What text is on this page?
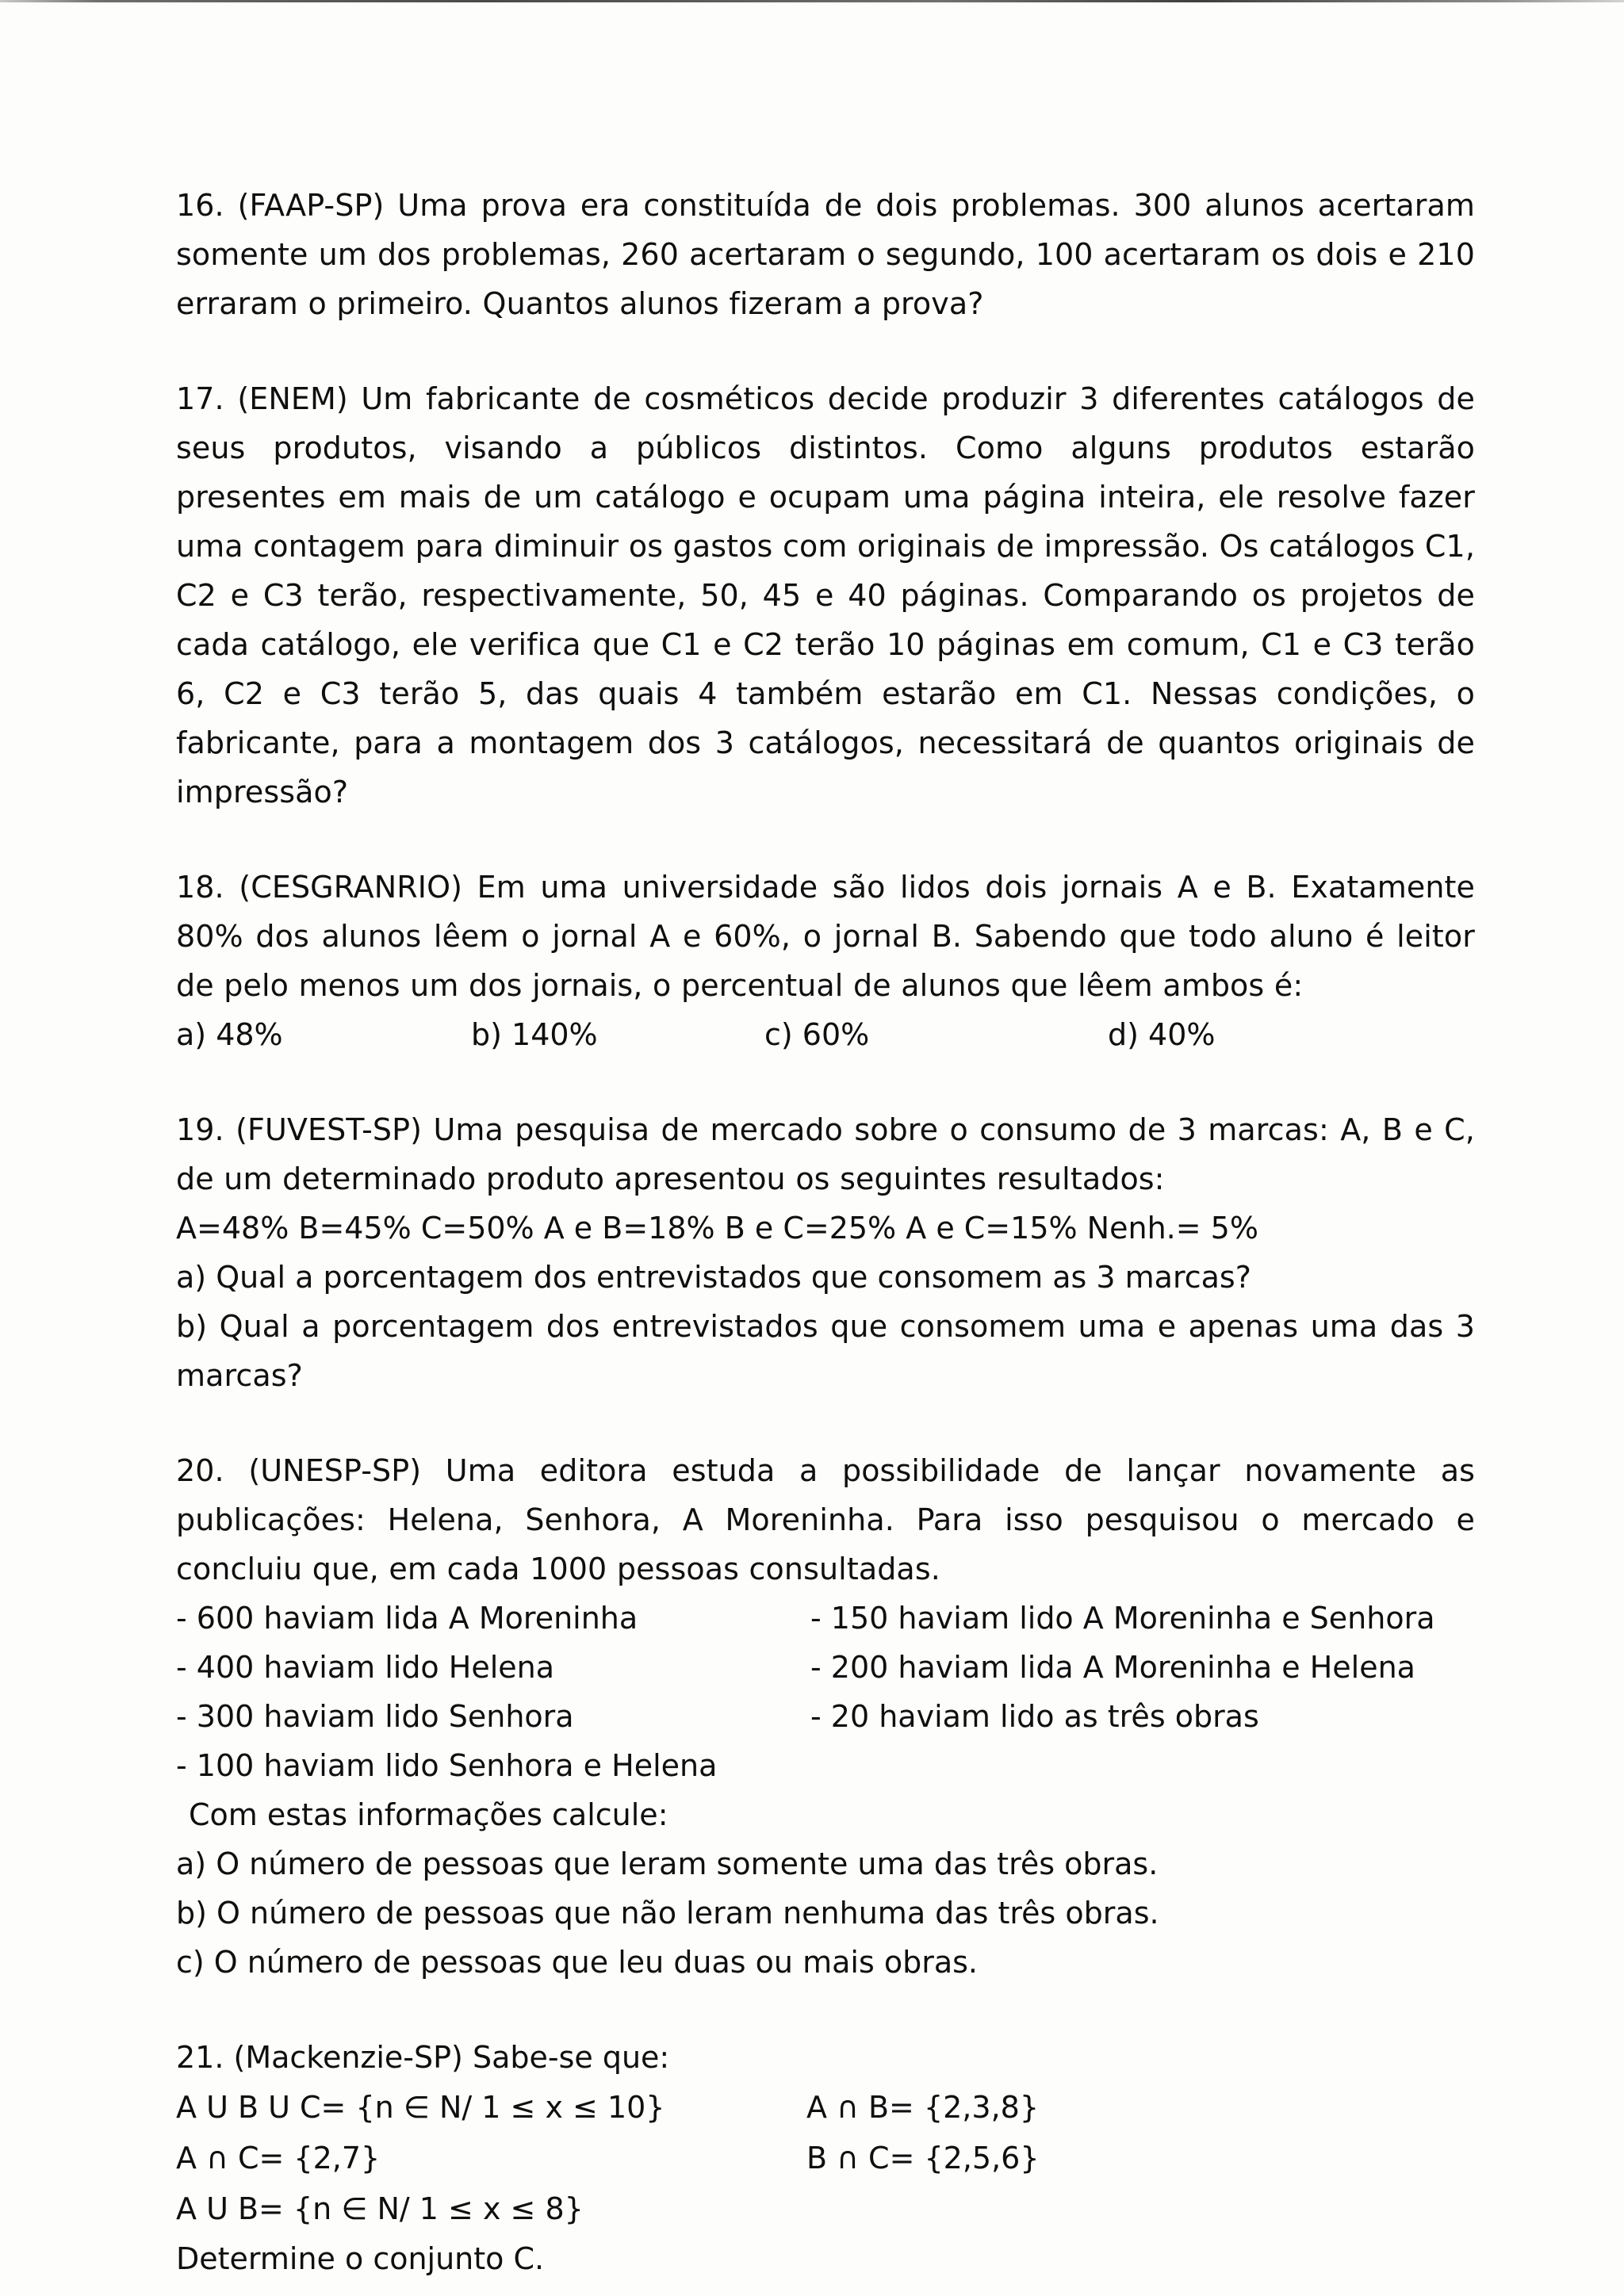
16. (FAAP-SP) Uma prova era constituída de dois problemas. 300 alunos acertaram somente um dos problemas, 260 acertaram o segundo, 100 acertaram os dois e 210 erraram o primeiro. Quantos alunos fizeram a prova?
17. (ENEM) Um fabricante de cosméticos decide produzir 3 diferentes catálogos de seus produtos, visando a públicos distintos. Como alguns produtos estarão presentes em mais de um catálogo e ocupam uma página inteira, ele resolve fazer uma contagem para diminuir os gastos com originais de impressão. Os catálogos C1, C2 e C3 terão, respectivamente, 50, 45 e 40 páginas. Comparando os projetos de cada catálogo, ele verifica que C1 e C2 terão 10 páginas em comum, C1 e C3 terão 6, C2 e C3 terão 5, das quais 4 também estarão em C1. Nessas condições, o fabricante, para a montagem dos 3 catálogos, necessitará de quantos originais de impressão?
18. (CESGRANRIO) Em uma universidade são lidos dois jornais A e B. Exatamente 80% dos alunos lêem o jornal A e 60%, o jornal B. Sabendo que todo aluno é leitor de pelo menos um dos jornais, o percentual de alunos que lêem ambos é:
a) 48%	b) 140%	c) 60%	d) 40%
19. (FUVEST-SP) Uma pesquisa de mercado sobre o consumo de 3 marcas: A, B e C, de um determinado produto apresentou os seguintes resultados:
A=48% B=45% C=50% A e B=18% B e C=25% A e C=15% Nenh.= 5%
a) Qual a porcentagem dos entrevistados que consomem as 3 marcas?
b) Qual a porcentagem dos entrevistados que consomem uma e apenas uma das 3 marcas?
20. (UNESP-SP) Uma editora estuda a possibilidade de lançar novamente as publicações: Helena, Senhora, A Moreninha. Para isso pesquisou o mercado e concluiu que, em cada 1000 pessoas consultadas.
- 600 haviam lida A Moreninha
- 400 haviam lido Helena
- 300 haviam lido Senhora
- 100 haviam lido Senhora e Helena
- 150 haviam lido A Moreninha e Senhora
- 200 haviam lida A Moreninha e Helena
- 20 haviam lido as três obras
Com estas informações calcule:
a) O número de pessoas que leram somente uma das três obras.
b) O número de pessoas que não leram nenhuma das três obras.
c) O número de pessoas que leu duas ou mais obras.
21. (Mackenzie-SP) Sabe-se que:
A U B U C= {n ∈ N/ 1 ≤ x ≤ 10}	A ∩ B= {2,3,8}
A ∩ C= {2,7}	B ∩ C= {2,5,6}
A U B= {n ∈ N/ 1 ≤ x ≤ 8}
Determine o conjunto C.
